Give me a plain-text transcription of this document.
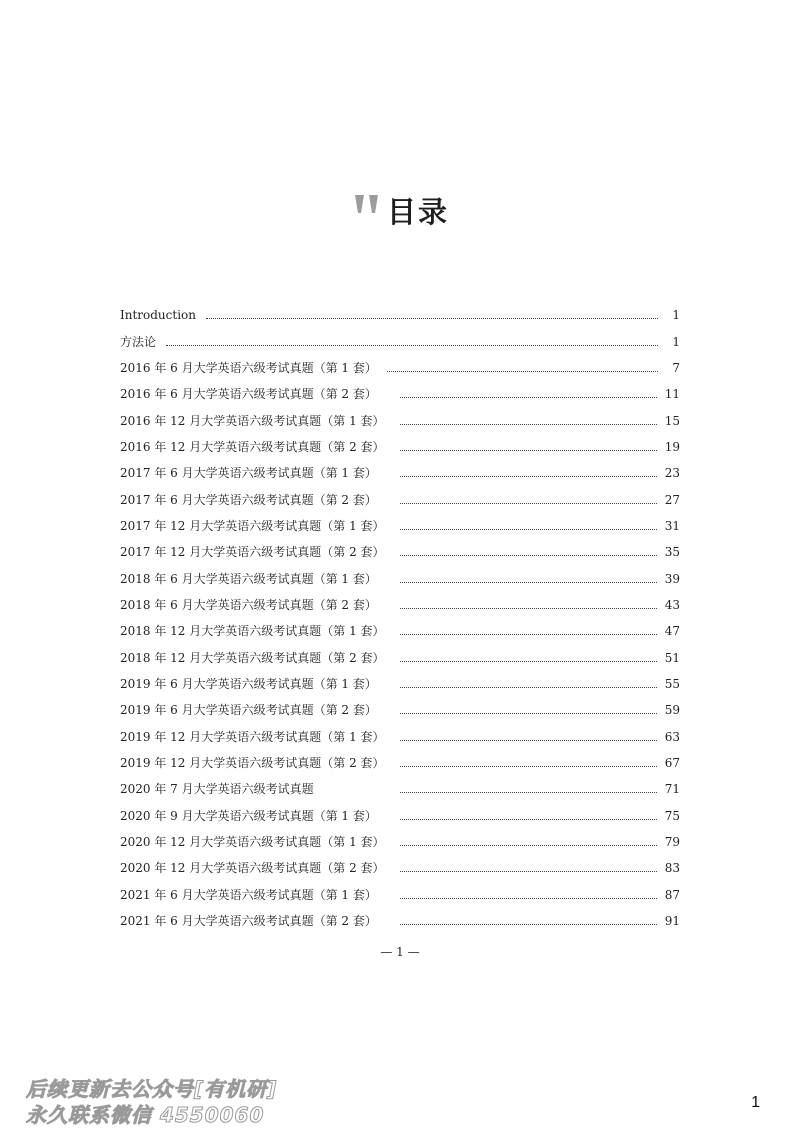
目录
Introduction	1
方法论	1
2016 年 6 月大学英语六级考试真题（第 1 套）	7
2016 年 6 月大学英语六级考试真题（第 2 套）	11
2016 年 12 月大学英语六级考试真题（第 1 套）	15
2016 年 12 月大学英语六级考试真题（第 2 套）	19
2017 年 6 月大学英语六级考试真题（第 1 套）	23
2017 年 6 月大学英语六级考试真题（第 2 套）	27
2017 年 12 月大学英语六级考试真题（第 1 套）	31
2017 年 12 月大学英语六级考试真题（第 2 套）	35
2018 年 6 月大学英语六级考试真题（第 1 套）	39
2018 年 6 月大学英语六级考试真题（第 2 套）	43
2018 年 12 月大学英语六级考试真题（第 1 套）	47
2018 年 12 月大学英语六级考试真题（第 2 套）	51
2019 年 6 月大学英语六级考试真题（第 1 套）	55
2019 年 6 月大学英语六级考试真题（第 2 套）	59
2019 年 12 月大学英语六级考试真题（第 1 套）	63
2019 年 12 月大学英语六级考试真题（第 2 套）	67
2020 年 7 月大学英语六级考试真题	71
2020 年 9 月大学英语六级考试真题（第 1 套）	75
2020 年 12 月大学英语六级考试真题（第 1 套）	79
2020 年 12 月大学英语六级考试真题（第 2 套）	83
2021 年 6 月大学英语六级考试真题（第 1 套）	87
2021 年 6 月大学英语六级考试真题（第 2 套）	91
— 1 —
后续更新去公众号[有机研]
永久联系微信 4550060
1
